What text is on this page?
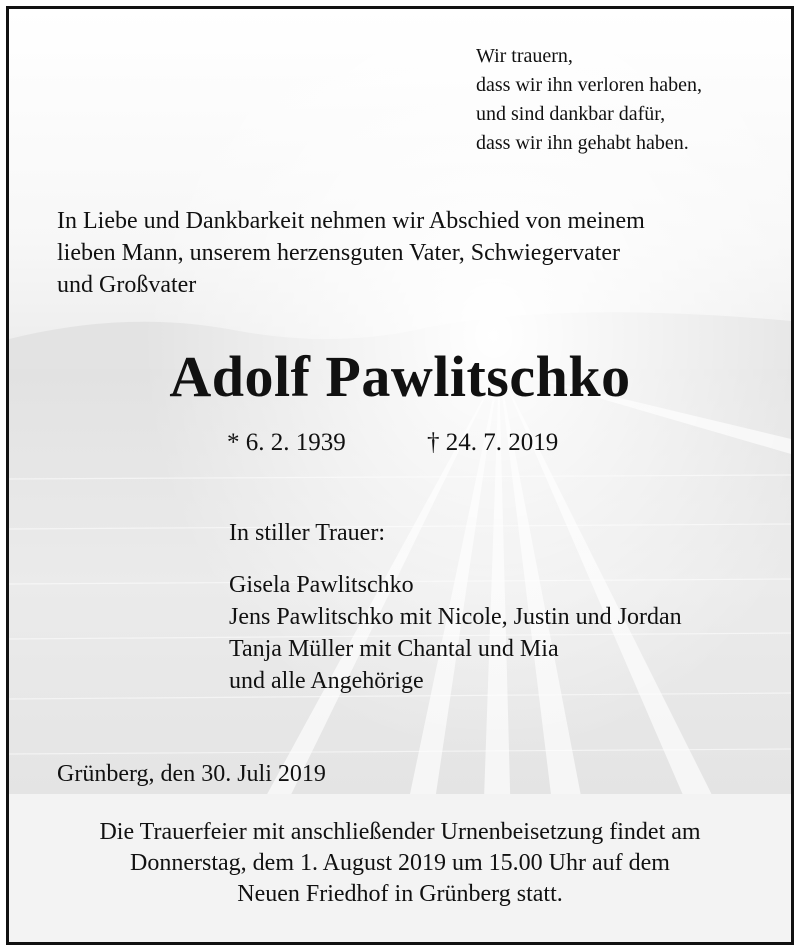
Wir trauern,
dass wir ihn verloren haben,
und sind dankbar dafür,
dass wir ihn gehabt haben.
In Liebe und Dankbarkeit nehmen wir Abschied von meinem
lieben Mann, unserem herzensguten Vater, Schwiegervater
und Großvater
Adolf Pawlitschko
* 6. 2. 1939	† 24. 7. 2019
In stiller Trauer:
Gisela Pawlitschko
Jens Pawlitschko mit Nicole, Justin und Jordan
Tanja Müller mit Chantal und Mia
und alle Angehörige
Grünberg, den 30. Juli 2019
Die Trauerfeier mit anschließender Urnenbeisetzung findet am
Donnerstag, dem 1. August 2019 um 15.00 Uhr auf dem
Neuen Friedhof in Grünberg statt.
